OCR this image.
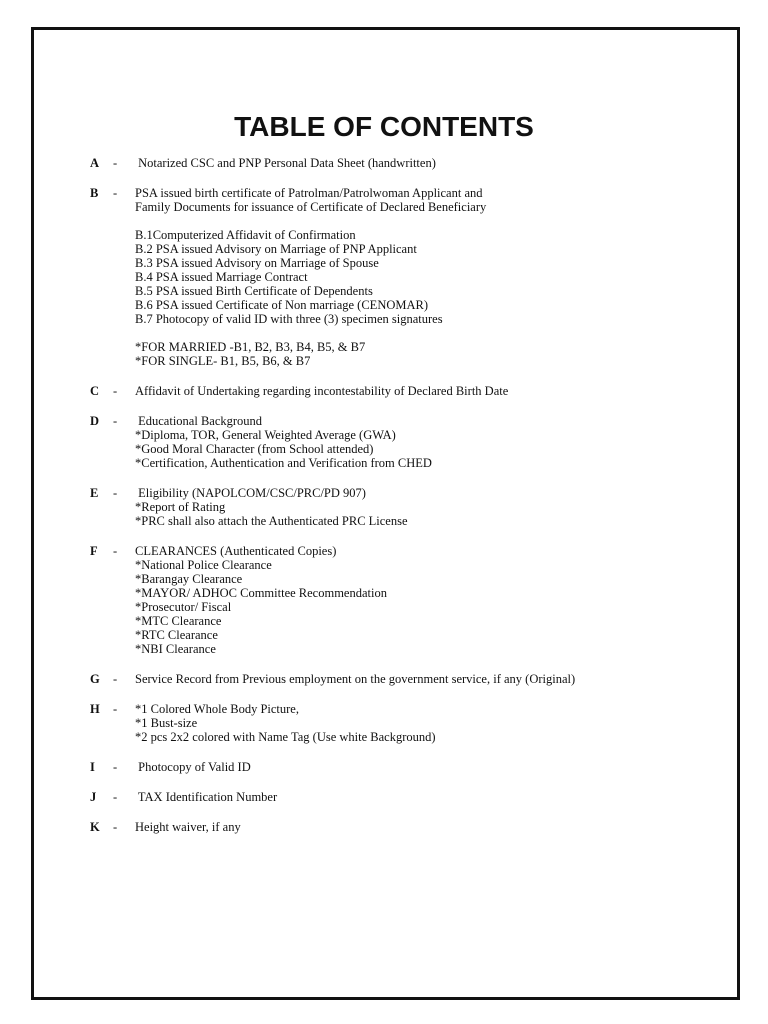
TABLE OF CONTENTS
A	- Notarized CSC and PNP Personal Data Sheet (handwritten)
B	- PSA issued birth certificate of Patrolman/Patrolwoman Applicant and
Family Documents for issuance of Certificate of Declared Beneficiary
B.1Computerized Affidavit of Confirmation
B.2 PSA issued Advisory on Marriage of PNP Applicant
B.3 PSA issued Advisory on Marriage of Spouse
B.4 PSA issued Marriage Contract
B.5 PSA issued Birth Certificate of Dependents
B.6 PSA issued Certificate of Non marriage (CENOMAR)
B.7 Photocopy of valid ID with three (3) specimen signatures
*FOR MARRIED -B1, B2, B3, B4, B5, & B7
*FOR SINGLE- B1, B5, B6, & B7
C	- Affidavit of Undertaking regarding incontestability of Declared Birth Date
D	- Educational Background
*Diploma, TOR, General Weighted Average (GWA)
*Good Moral Character (from School attended)
*Certification, Authentication and Verification from CHED
E	- Eligibility (NAPOLCOM/CSC/PRC/PD 907)
*Report of Rating
*PRC shall also attach the Authenticated PRC License
F	- CLEARANCES (Authenticated Copies)
*National Police Clearance
*Barangay Clearance
*MAYOR/ ADHOC Committee Recommendation
*Prosecutor/ Fiscal
*MTC Clearance
*RTC Clearance
*NBI Clearance
G	- Service Record from Previous employment on the government service, if any (Original)
H	- *1 Colored Whole Body Picture,
*1 Bust-size
*2 pcs 2x2 colored with Name Tag (Use white Background)
I	- Photocopy of Valid ID
J	- TAX Identification Number
K	- Height waiver, if any
